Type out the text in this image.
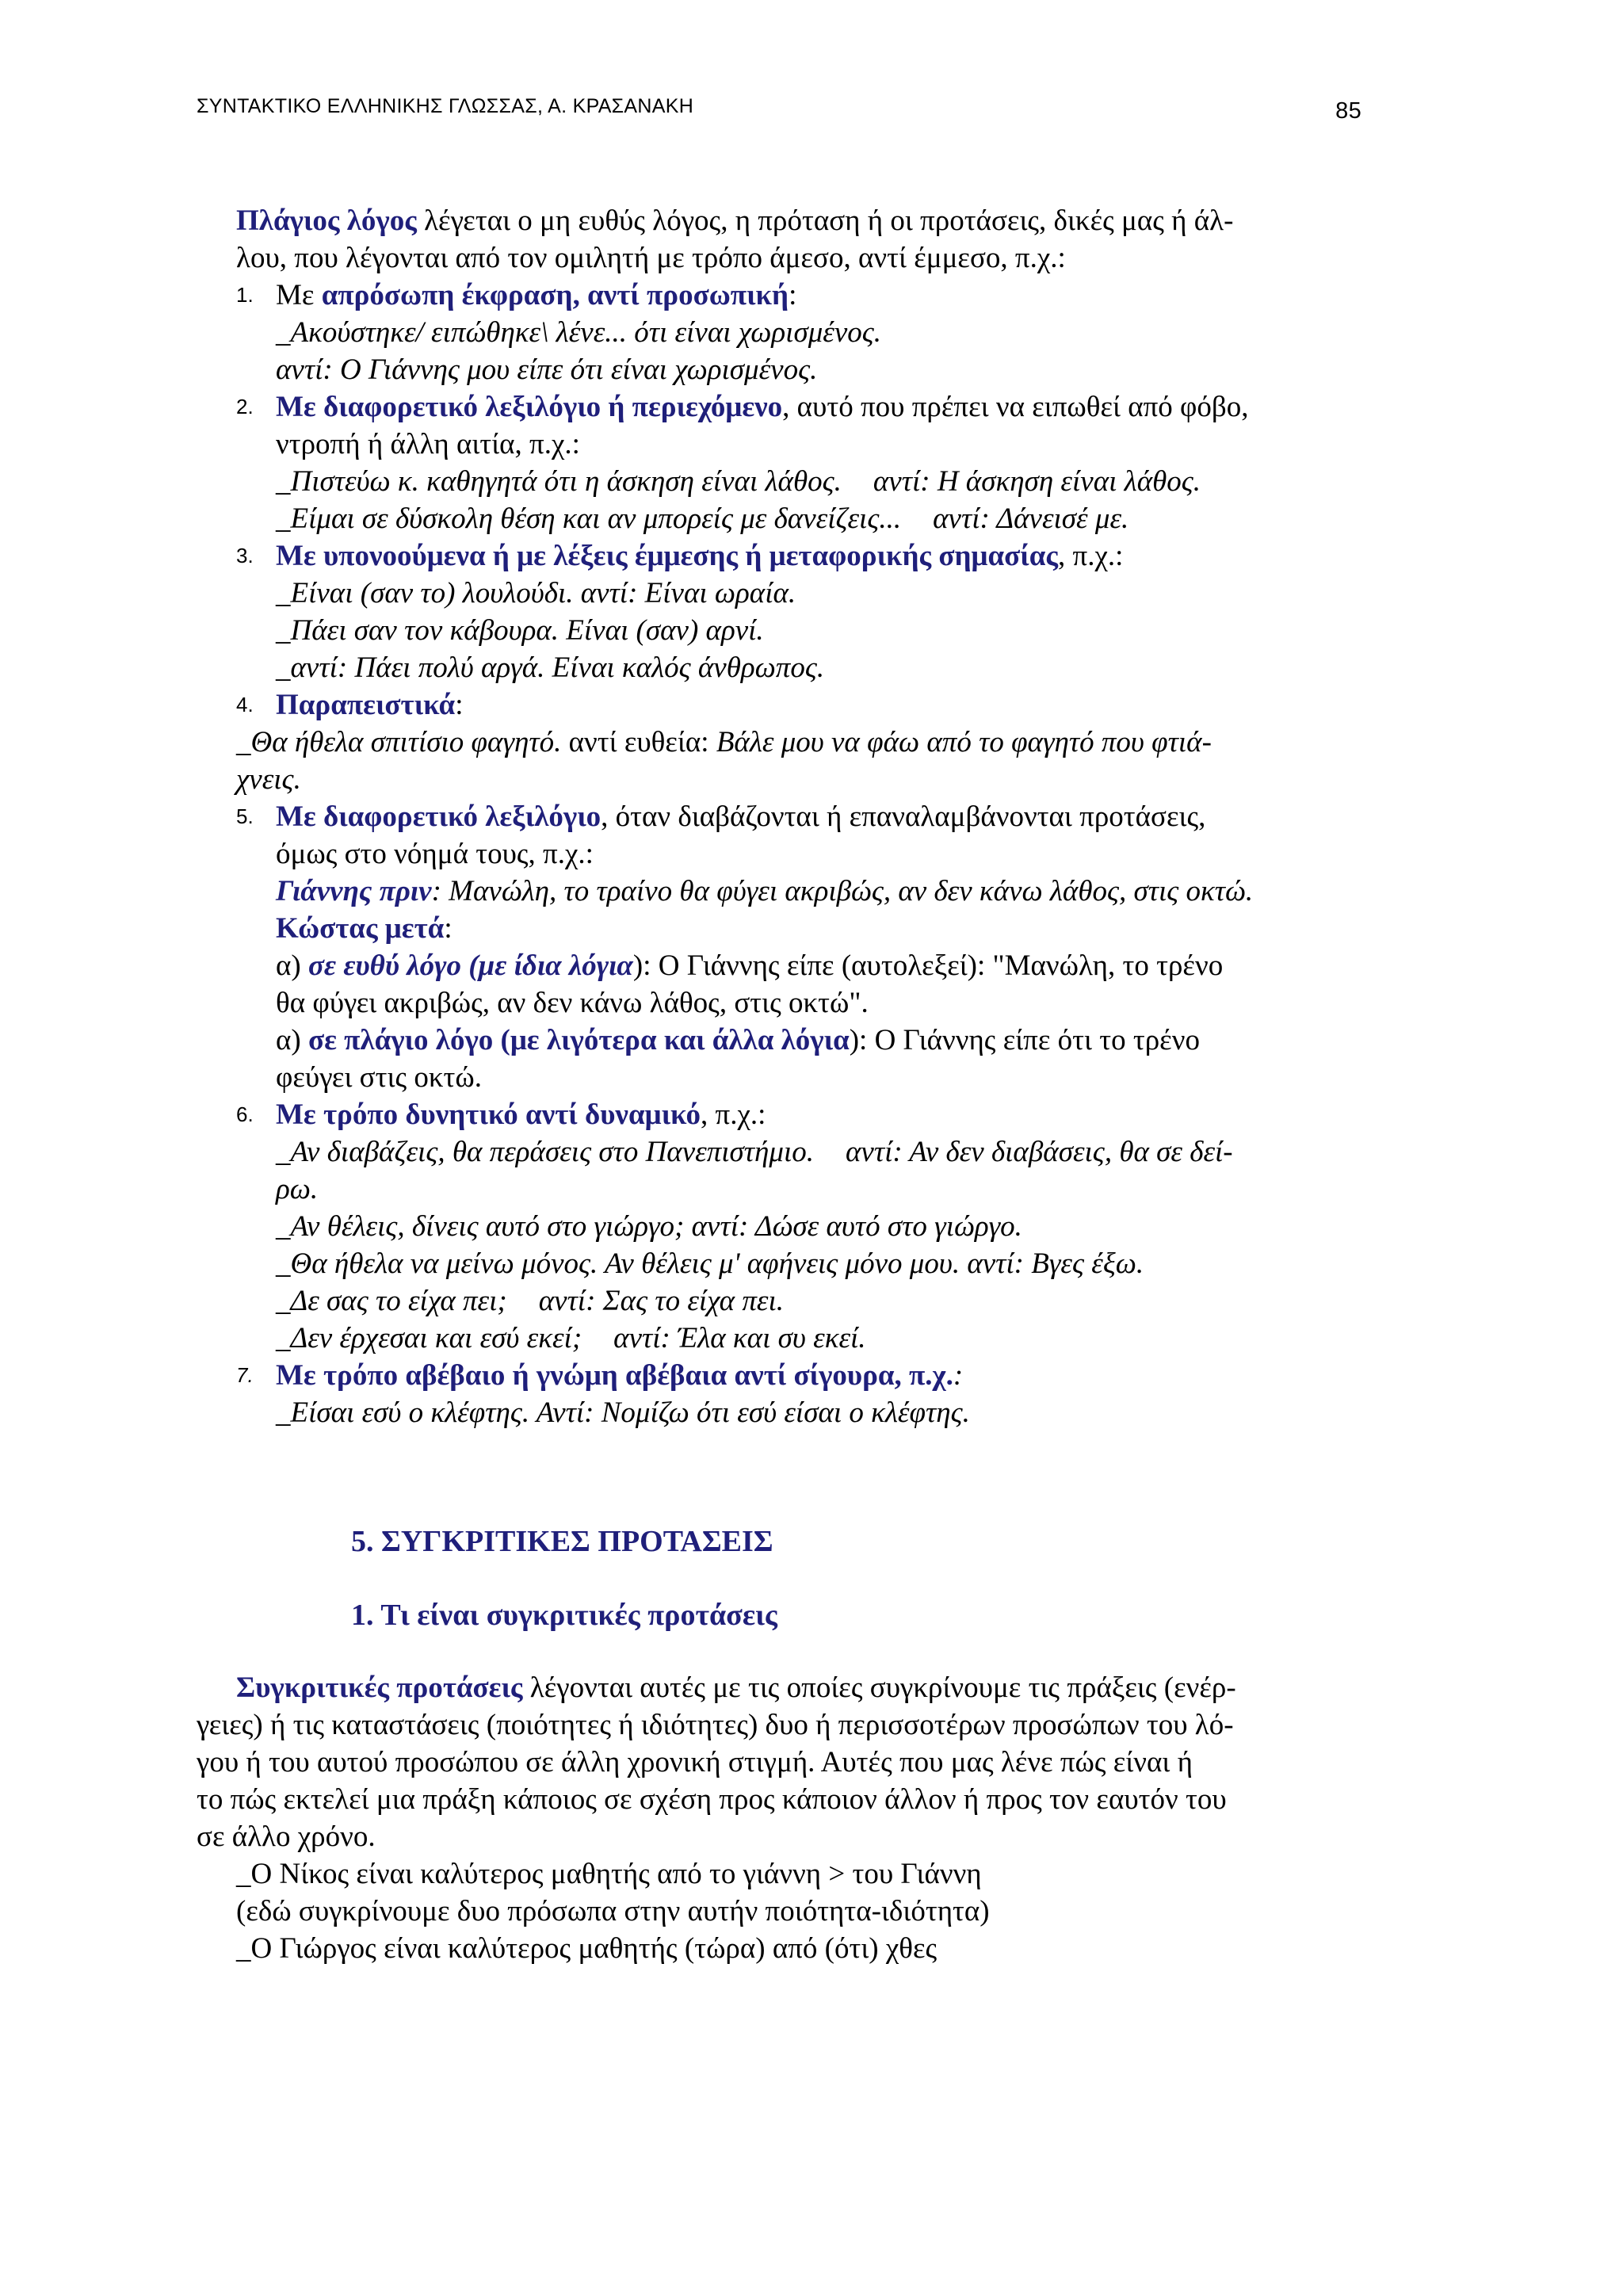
ΣΥΝΤΑΚΤΙΚΟ ΕΛΛΗΝΙΚΗΣ ΓΛΩΣΣΑΣ, Α. ΚΡΑΣΑΝΑΚΗ	85
Πλάγιος λόγος λέγεται ο μη ευθύς λόγος, η πρόταση ή οι προτάσεις, δικές μας ή άλ-
λου, που λέγονται από τον ομιλητή με τρόπο άμεσο, αντί έμμεσο, π.χ.:
1. Με απρόσωπη έκφραση, αντί προσωπική:
_Ακούστηκε/ ειπώθηκε\ λένε... ότι είναι χωρισμένος.
αντί: Ο Γιάννης μου είπε ότι είναι χωρισμένος.
2. Με διαφορετικό λεξιλόγιο ή περιεχόμενο, αυτό που πρέπει να ειπωθεί από φόβο,
ντροπή ή άλλη αιτία, π.χ.:
_Πιστεύω κ. καθηγητά ότι η άσκηση είναι λάθος. αντί: Η άσκηση είναι λάθος.
_Είμαι σε δύσκολη θέση και αν μπορείς με δανείζεις... αντί: Δάνεισέ με.
3. Με υπονοούμενα ή με λέξεις έμμεσης ή μεταφορικής σημασίας, π.χ.:
_Είναι (σαν το) λουλούδι. αντί: Είναι ωραία.
_Πάει σαν τον κάβουρα. Είναι (σαν) αρνί.
_αντί: Πάει πολύ αργά. Είναι καλός άνθρωπος.
4. Παραπειστικά:
_Θα ήθελα σπιτίσιο φαγητό. αντί ευθεία: Βάλε μου να φάω από το φαγητό που φτιά-
χνεις.
5. Με διαφορετικό λεξιλόγιο, όταν διαβάζονται ή επαναλαμβάνονται προτάσεις,
όμως στο νόημά τους, π.χ.:
Γιάννης πριν: Μανώλη, το τραίνο θα φύγει ακριβώς, αν δεν κάνω λάθος, στις οκτώ.
Κώστας μετά:
α) σε ευθύ λόγο (με ίδια λόγια): Ο Γιάννης είπε (αυτολεξεί): "Μανώλη, το τρένο
θα φύγει ακριβώς, αν δεν κάνω λάθος, στις οκτώ".
α) σε πλάγιο λόγο (με λιγότερα και άλλα λόγια): Ο Γιάννης είπε ότι το τρένο
φεύγει στις οκτώ.
6. Με τρόπο δυνητικό αντί δυναμικό, π.χ.:
_Αν διαβάζεις, θα περάσεις στο Πανεπιστήμιο. αντί: Αν δεν διαβάσεις, θα σε δεί-
ρω.
_Αν θέλεις, δίνεις αυτό στο γιώργο; αντί: Δώσε αυτό στο γιώργο.
_Θα ήθελα να μείνω μόνος. Αν θέλεις μ' αφήνεις μόνο μου. αντί: Βγες έξω.
_Δε σας το είχα πει; αντί: Σας το είχα πει.
_Δεν έρχεσαι και εσύ εκεί; αντί: Έλα και συ εκεί.
7. Με τρόπο αβέβαιο ή γνώμη αβέβαια αντί σίγουρα, π.χ.:
_Είσαι εσύ ο κλέφτης. Αντί: Νομίζω ότι εσύ είσαι ο κλέφτης.
5. ΣΥΓΚΡΙΤΙΚΕΣ ΠΡΟΤΑΣΕΙΣ
1. Τι είναι συγκριτικές προτάσεις
Συγκριτικές προτάσεις λέγονται αυτές με τις οποίες συγκρίνουμε τις πράξεις (ενέρ-
γειες) ή τις καταστάσεις (ποιότητες ή ιδιότητες) δυο ή περισσοτέρων προσώπων του λό-
γου ή του αυτού προσώπου σε άλλη χρονική στιγμή. Αυτές που μας λένε πώς είναι ή
το πώς εκτελεί μια πράξη κάποιος σε σχέση προς κάποιον άλλον ή προς τον εαυτόν του
σε άλλο χρόνο.
_Ο Νίκος είναι καλύτερος μαθητής από το γιάννη > του Γιάννη
(εδώ συγκρίνουμε δυο πρόσωπα στην αυτήν ποιότητα-ιδιότητα)
_Ο Γιώργος είναι καλύτερος μαθητής (τώρα) από (ότι) χθες
